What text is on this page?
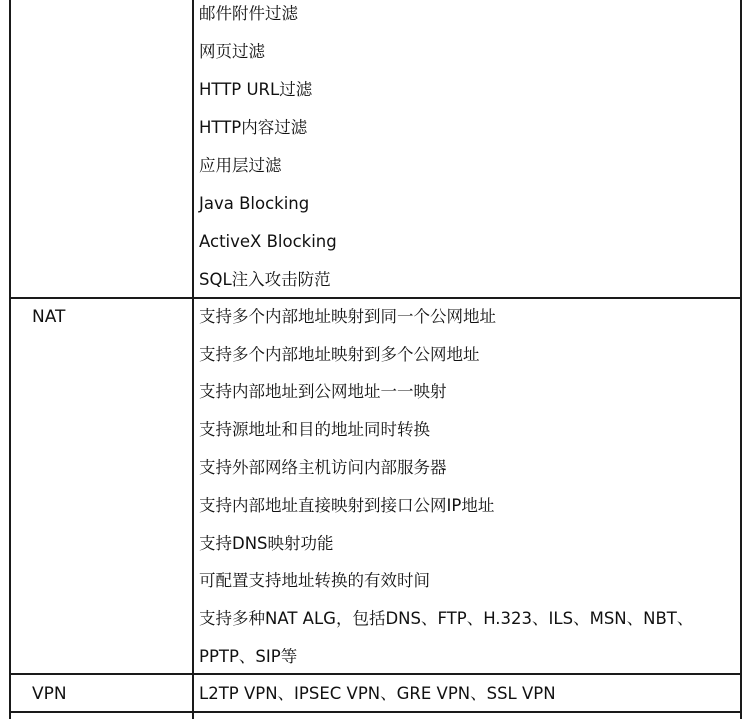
邮件附件过滤
网页过滤
HTTP URL过滤
HTTP内容过滤
应用层过滤
Java Blocking
ActiveX Blocking
SQL注入攻击防范
NAT	支持多个内部地址映射到同一个公网地址
支持多个内部地址映射到多个公网地址
支持内部地址到公网地址一一映射
支持源地址和目的地址同时转换
支持外部网络主机访问内部服务器
支持内部地址直接映射到接口公网IP地址
支持DNS映射功能
可配置支持地址转换的有效时间
支持多种NAT ALG，包括DNS、FTP、H.323、ILS、MSN、NBT、
PPTP、SIP等
VPN	L2TP VPN、IPSEC VPN、GRE VPN、SSL VPN
